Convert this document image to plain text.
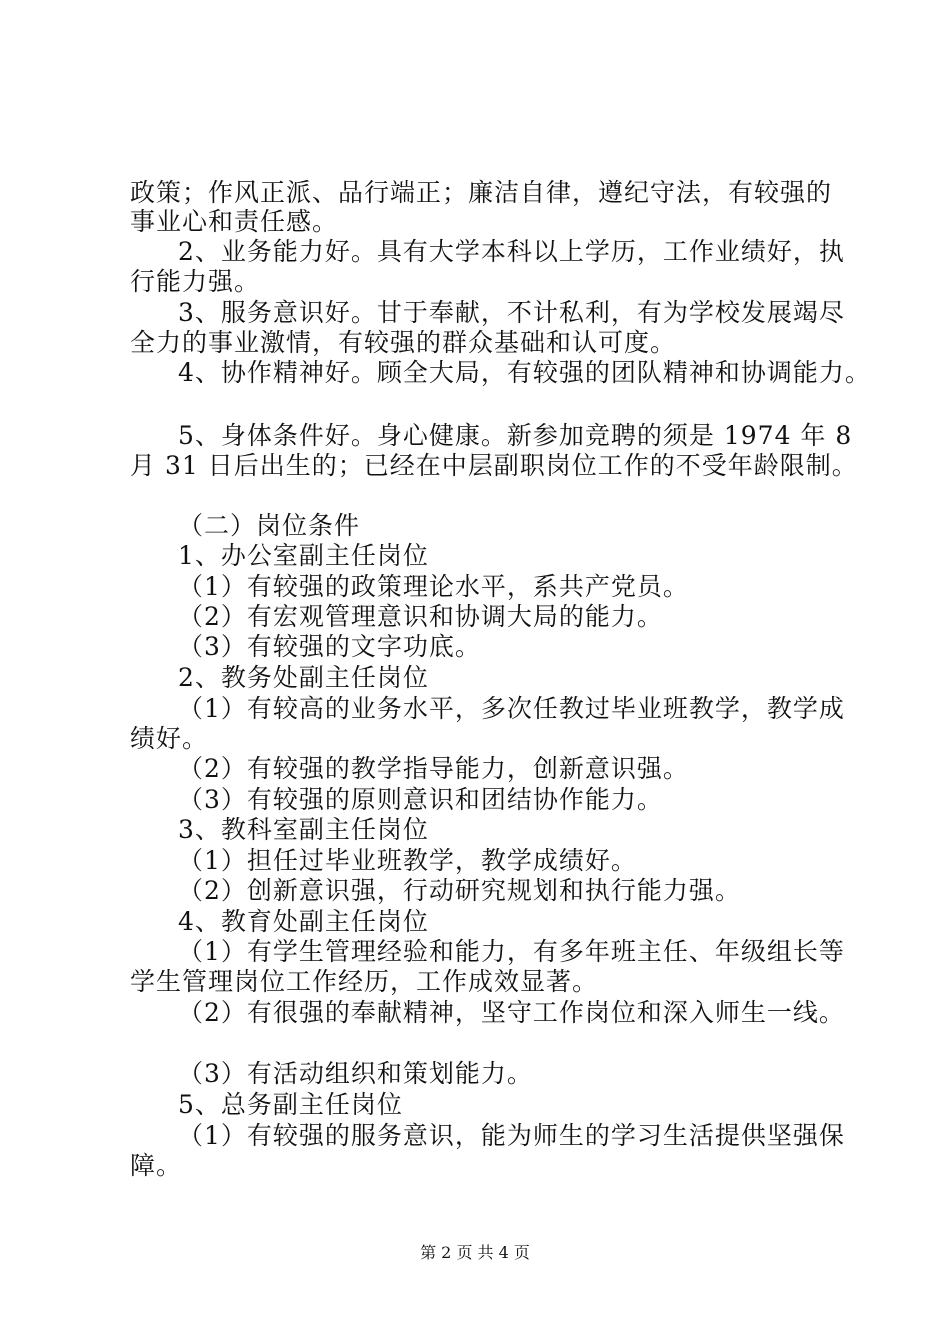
政策；作风正派、品行端正；廉洁自律，遵纪守法，有较强的
事业心和责任感。
2、业务能力好。具有大学本科以上学历，工作业绩好，执
行能力强。
3、服务意识好。甘于奉献，不计私利，有为学校发展竭尽
全力的事业激情，有较强的群众基础和认可度。
4、协作精神好。顾全大局，有较强的团队精神和协调能力。
5、身体条件好。身心健康。新参加竞聘的须是 1974 年 8
月 31 日后出生的；已经在中层副职岗位工作的不受年龄限制。
（二）岗位条件
1、办公室副主任岗位
（1）有较强的政策理论水平，系共产党员。
（2）有宏观管理意识和协调大局的能力。
（3）有较强的文字功底。
2、教务处副主任岗位
（1）有较高的业务水平，多次任教过毕业班教学，教学成
绩好。
（2）有较强的教学指导能力，创新意识强。
（3）有较强的原则意识和团结协作能力。
3、教科室副主任岗位
（1）担任过毕业班教学，教学成绩好。
（2）创新意识强，行动研究规划和执行能力强。
4、教育处副主任岗位
（1）有学生管理经验和能力，有多年班主任、年级组长等
学生管理岗位工作经历，工作成效显著。
（2）有很强的奉献精神，坚守工作岗位和深入师生一线。
（3）有活动组织和策划能力。
5、总务副主任岗位
（1）有较强的服务意识，能为师生的学习生活提供坚强保
障。
第 2 页 共 4 页
